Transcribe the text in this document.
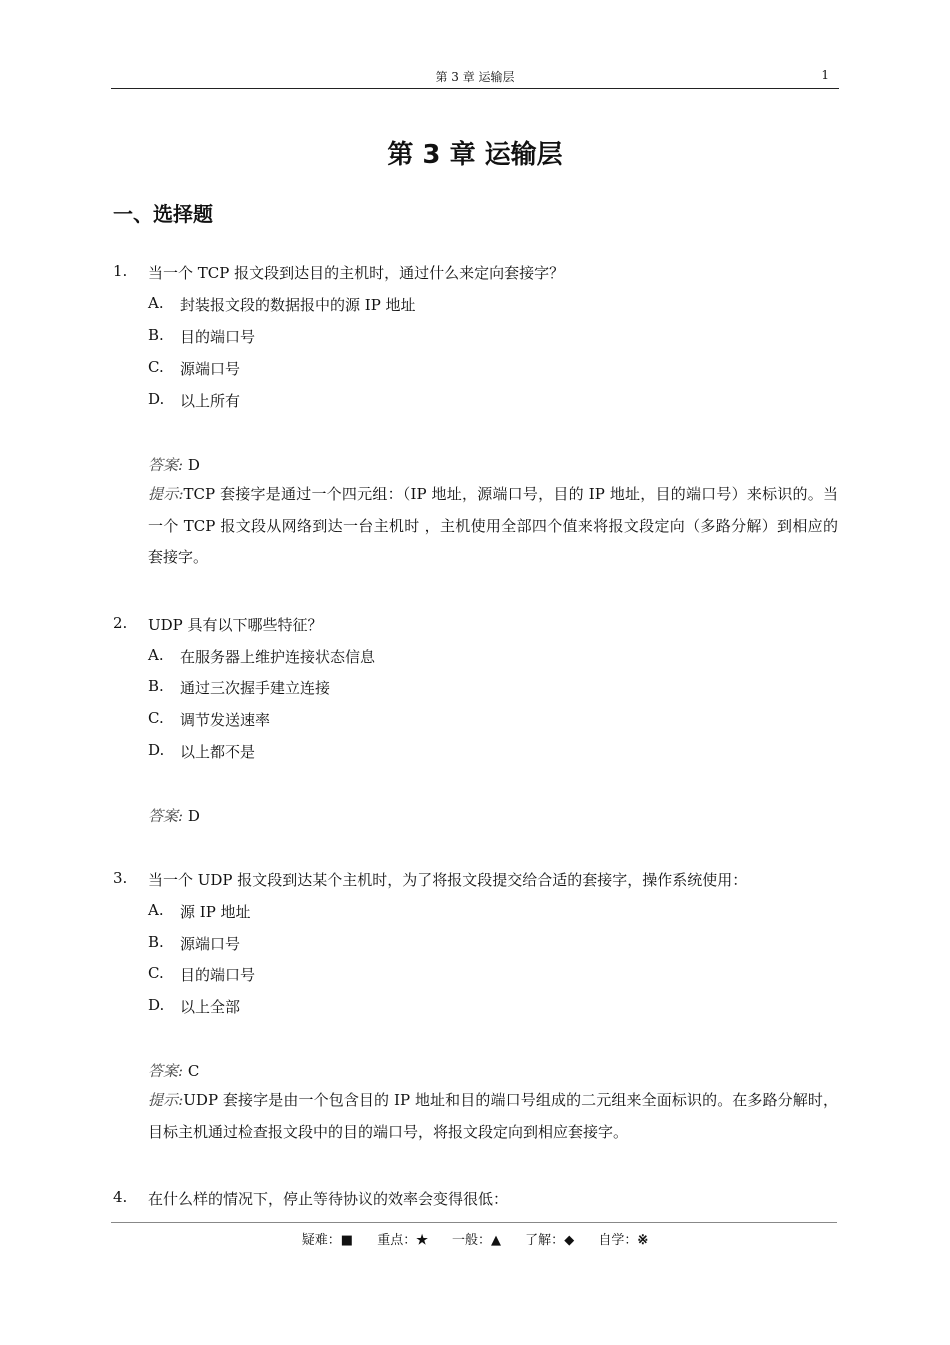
第 3 章 运输层	1
第 3 章 运输层
一、选择题
1. 当一个 TCP 报文段到达目的主机时，通过什么来定向套接字？
A. 封装报文段的数据报中的源 IP 地址
B. 目的端口号
C. 源端口号
D. 以上所有
答案: D
提示:TCP 套接字是通过一个四元组：（IP 地址，源端口号，目的 IP 地址，目的端口号）来标识的。当一个 TCP 报文段从网络到达一台主机时 ，主机使用全部四个值来将报文段定向（多路分解）到相应的套接字。
2. UDP 具有以下哪些特征？
A. 在服务器上维护连接状态信息
B. 通过三次握手建立连接
C. 调节发送速率
D. 以上都不是
答案: D
3. 当一个 UDP 报文段到达某个主机时，为了将报文段提交给合适的套接字，操作系统使用：
A. 源 IP 地址
B. 源端口号
C. 目的端口号
D. 以上全部
答案: C
提示:UDP 套接字是由一个包含目的 IP 地址和目的端口号组成的二元组来全面标识的。在多路分解时，目标主机通过检查报文段中的目的端口号，将报文段定向到相应套接字。
4. 在什么样的情况下，停止等待协议的效率会变得很低：
疑难：■ 重点：★ 一般：▲ 了解：◆ 自学：※
